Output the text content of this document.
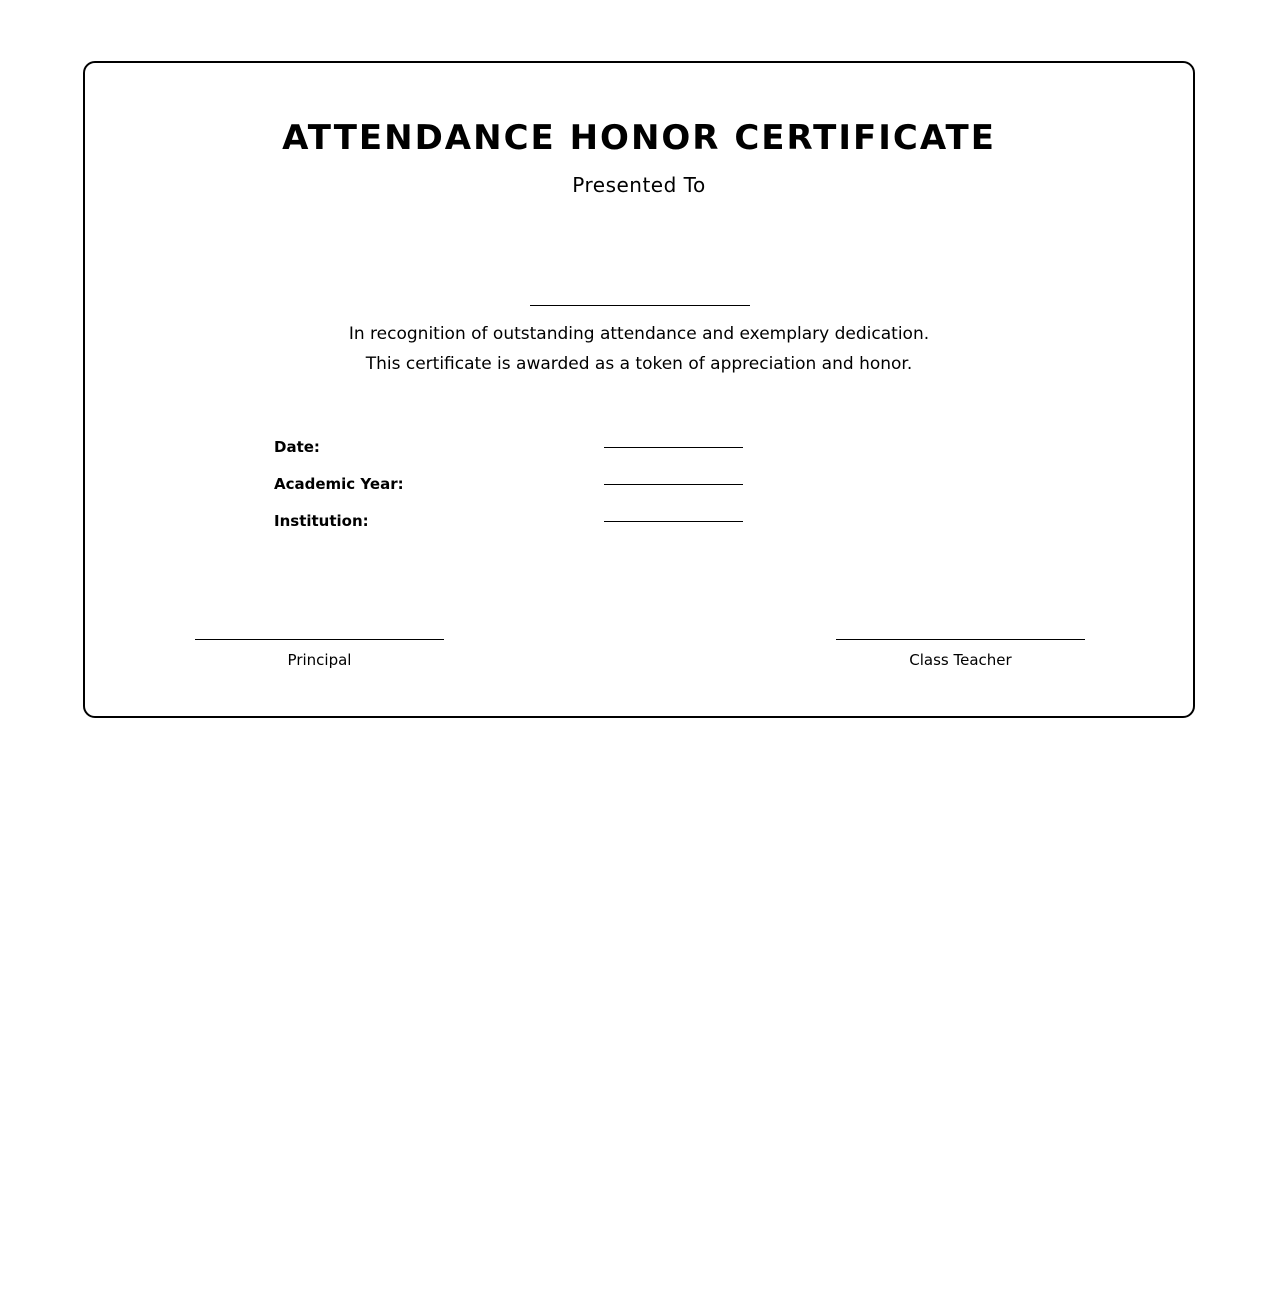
ATTENDANCE HONOR CERTIFICATE
Presented To
In recognition of outstanding attendance and exemplary dedication.
This certificate is awarded as a token of appreciation and honor.
Date:
Academic Year:
Institution:
Principal	Class Teacher
